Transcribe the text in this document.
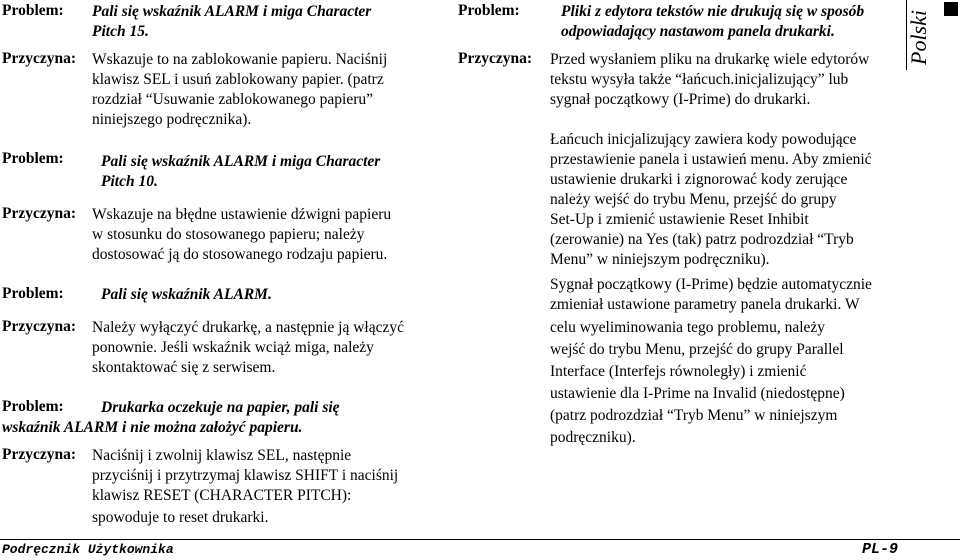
Problem: Pali się wskaźnik ALARM i miga Character
Pitch 15.
Przyczyna: Wskazuje to na zablokowanie papieru. Naciśnij
klawisz SEL i usuń zablokowany papier. (patrz
rozdział “Usuwanie zablokowanego papieru”
niniejszego podręcznika).
Problem: Pali się wskaźnik ALARM i miga Character
Pitch 10.
Przyczyna: Wskazuje na błędne ustawienie dźwigni papieru
w stosunku do stosowanego papieru; należy
dostosować ją do stosowanego rodzaju papieru.
Problem: Pali się wskaźnik ALARM.
Przyczyna: Należy wyłączyć drukarkę, a następnie ją włączyć
ponownie. Jeśli wskaźnik wciąż miga, należy
skontaktować się z serwisem.
Problem: Drukarka oczekuje na papier, pali się
wskaźnik ALARM i nie można założyć papieru.
Przyczyna: Naciśnij i zwolnij klawisz SEL, następnie
przyciśnij i przytrzymaj klawisz SHIFT i naciśnij
klawisz RESET (CHARACTER PITCH):
spowoduje to reset drukarki.
Problem:	Pliki z edytora tekstów nie drukują się w sposób
odpowiadający nastawom panela drukarki.
Przyczyna: Przed wysłaniem pliku na drukarkę wiele edytorów
tekstu wysyła także “łańcuch.inicjalizujący” lub
sygnał początkowy (I-Prime) do drukarki.
Łańcuch inicjalizujący zawiera kody powodujące
przestawienie panela i ustawień menu. Aby zmienić
ustawienie drukarki i zignorować kody zerujące
należy wejść do trybu Menu, przejść do grupy
Set-Up i zmienić ustawienie Reset Inhibit
(zerowanie) na Yes (tak) patrz podrozdział “Tryb
Menu” w niniejszym podręczniku).
Sygnał początkowy (I-Prime) będzie automatycznie
zmieniał ustawione parametry panela drukarki. W
celu wyeliminowania tego problemu, należy
wejść do trybu Menu, przejść do grupy Parallel
Interface (Interfejs równoległy) i zmienić
ustawienie dla I-Prime na Invalid (niedostępne)
(patrz podrozdział “Tryb Menu” w niniejszym
podręczniku).
Polski
Podręcznik Użytkownika	PL-9
